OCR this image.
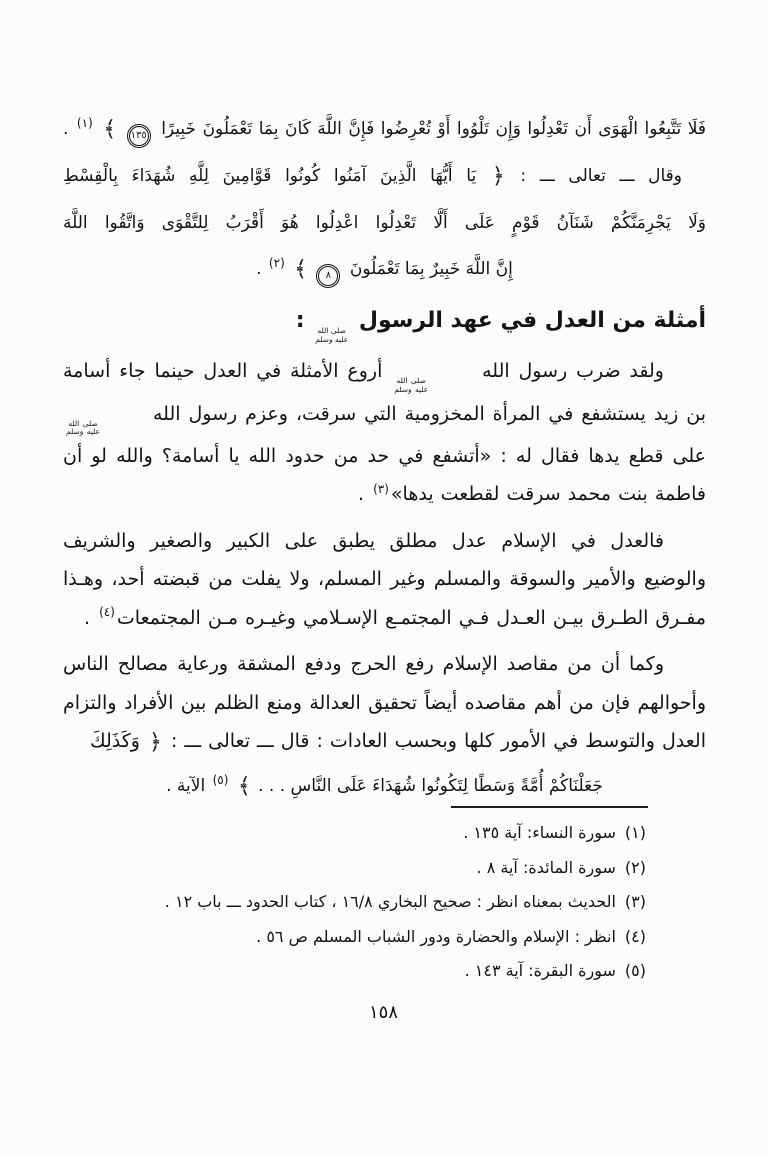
فَلَا تَتَّبِعُوا الْهَوَى أَن تَعْدِلُوا وَإِن تَلْوُوا أَوْ تُعْرِضُوا فَإِنَّ اللَّهَ كَانَ بِمَا تَعْمَلُونَ خَبِيرًا ١٣٥ ﴾ $^{(١)}$ .
وقال ـــ تعالى ـــ : ﴿ يَا أَيُّهَا الَّذِينَ آمَنُوا كُونُوا قَوَّامِينَ لِلَّهِ شُهَدَاءَ بِالْقِسْطِ
وَلَا يَجْرِمَنَّكُمْ شَنَآنُ قَوْمٍ عَلَى أَلَّا تَعْدِلُوا اعْدِلُوا هُوَ أَقْرَبُ لِلتَّقْوَى وَاتَّقُوا اللَّهَ
إِنَّ اللَّهَ خَبِيرٌ بِمَا تَعْمَلُونَ ٨ ﴾ $^{(٢)}$ .
أمثلة من العدل في عهد الرسول
صلى الله
عليه وسلم
:

ولقد ضرب رسول الله
صلى الله
عليه وسلم
أروع الأمثلة في العدل حينما جاء أسامة بن زيد يستشفع في المرأة المخزومية التي سرقت، وعزم رسول الله
صلى الله
عليه وسلم
على قطع يدها فقال له : «أتشفع في حد من حدود الله يا أسامة؟ والله لو أن فاطمة بنت محمد سرقت لقطعت يدها»$^{(٣)}$ .

فالعدل في الإسلام عدل مطلق يطبق على الكبير والصغير والشريف والوضيع والأمير والسوقة والمسلم وغير المسلم، ولا يفلت من قبضته أحد، وهـذا مفـرق الطـرق بيـن العـدل فـي المجتمـع الإسـلامي وغيـره مـن المجتمعات$^{(٤)}$ .

وكما أن من مقاصد الإسلام رفع الحرج ودفع المشقة ورعاية مصالح الناس وأحوالهم فإن من أهم مقاصده أيضاً تحقيق العدالة ومنع الظلم بين الأفراد والتزام العدل والتوسط في الأمور كلها وبحسب العادات : قال ـــ تعالى ـــ : ﴿ وَكَذَلِكَ

جَعَلْنَاكُمْ أُمَّةً وَسَطًا لِتَكُونُوا شُهَدَاءَ عَلَى النَّاسِ . . . ﴾ $^{(٥)}$ الآية .
(١)
سورة النساء: آية ١٣٥ .
(٢)
سورة المائدة: آية ٨ .
(٣)
الحديث بمعناه انظر : صحيح البخاري ١٦/٨ ، كتاب الحدود ـــ باب ١٢ .
(٤)
انظر : الإسلام والحضارة ودور الشباب المسلم ص ٥٦ .
(٥)
سورة البقرة: آية ١٤٣ .
١٥٨
